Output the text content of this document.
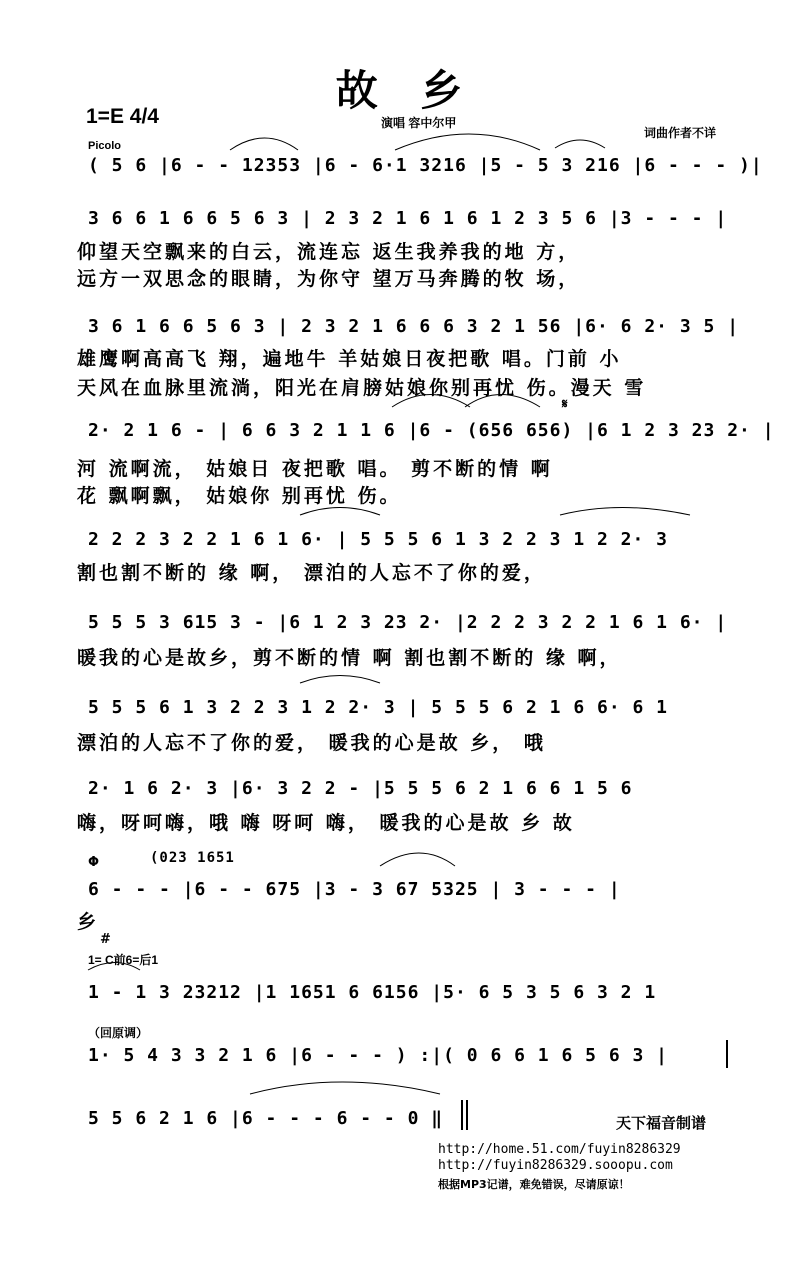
故 乡
1=E 4/4	演唱 容中尔甲
词曲作者不详
Picolo
( 5 6 |6 - - 12353 |6 - 6·1 3216 |5 - 5 3 216 |6 - - - )|
3 6 6 1 6 6 5 6 3 | 2 3 2 1 6 1 6 1 2 3 5 6 |3 - - - |
仰望天空飘来的白云，流连忘 返生我养我的地 方，
远方一双思念的眼睛，为你守 望万马奔腾的牧 场，
3 6 1 6 6 5 6 3 | 2 3 2 1 6 6 6 3 2 1 56 |6· 6 2· 3 5 |
雄鹰啊高高飞 翔，遍地牛 羊姑娘日夜把歌 唱。门前 小
天风在血脉里流淌，阳光在肩膀姑娘你别再忧 伤。漫天 雪
2· 2 1 6 - | 6 6 3 2 1 1 6 |6 - (656 656) |6 1 2 3 23 2· |
河 流啊流， 姑娘日 夜把歌 唱。 剪不断的情 啊
花 飘啊飘， 姑娘你 别再忧 伤。
𝄋
2 2 2 3 2 2 1 6 1 6· | 5 5 5 6 1 3 2 2 3 1 2 2· 3
割也割不断的 缘 啊， 漂泊的人忘不了你的爱，
5 5 5 3 615 3 - |6 1 2 3 23 2· |2 2 2 3 2 2 1 6 1 6· |
暖我的心是故乡，剪不断的情 啊 割也割不断的 缘 啊，
5 5 5 6 1 3 2 2 3 1 2 2· 3 | 5 5 5 6 2 1 6 6· 6 1
漂泊的人忘不了你的爱， 暖我的心是故 乡， 哦
2· 1 6 2· 3 |6· 3 2 2 - |5 5 5 6 2 1 6 6 1 5 6
嗨，呀呵嗨，哦 嗨 呀呵 嗨， 暖我的心是故 乡 故
Φ	(023 1651
6 - - - |6 - - 675 |3 - 3 67 5325 | 3 - - - |
乡
#
1= C前6=后1
1 - 1 3 23212 |1 1651 6 6156 |5· 6 5 3 5 6 3 2 1
（回原调）
1· 5 4 3 3 2 1 6 |6 - - - ) :|( 0 6 6 1 6 5 6 3 |
5 5 6 2 1 6 |6 - - - 6 - - 0 ‖	天下福音制谱
http://home.51.com/fuyin8286329
http://fuyin8286329.sooopu.com
根据MP3记谱，难免错误，尽请原谅！
